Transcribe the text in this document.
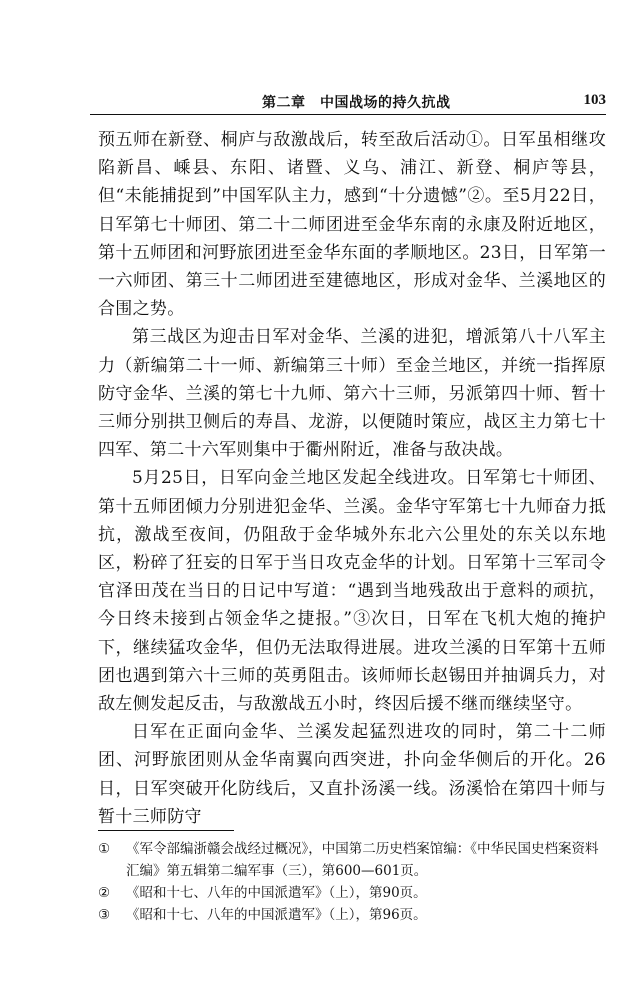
第二章　中国战场的持久抗战	103

预五师在新登、桐庐与敌激战后，转至敌后活动①。日军虽相继攻陷新昌、嵊县、东阳、诸暨、义乌、浦江、新登、桐庐等县，但“未能捕捉到”中国军队主力，感到“十分遗憾”②。至5月22日，日军第七十师团、第二十二师团进至金华东南的永康及附近地区，第十五师团和河野旅团进至金华东面的孝顺地区。23日，日军第一一六师团、第三十二师团进至建德地区，形成对金华、兰溪地区的合围之势。

第三战区为迎击日军对金华、兰溪的进犯，增派第八十八军主力（新编第二十一师、新编第三十师）至金兰地区，并统一指挥原防守金华、兰溪的第七十九师、第六十三师，另派第四十师、暂十三师分别拱卫侧后的寿昌、龙游，以便随时策应，战区主力第七十四军、第二十六军则集中于衢州附近，准备与敌决战。

5月25日，日军向金兰地区发起全线进攻。日军第七十师团、第十五师团倾力分别进犯金华、兰溪。金华守军第七十九师奋力抵抗，激战至夜间，仍阻敌于金华城外东北六公里处的东关以东地区，粉碎了狂妄的日军于当日攻克金华的计划。日军第十三军司令官泽田茂在当日的日记中写道：“遇到当地残敌出于意料的顽抗，今日终未接到占领金华之捷报。”③次日，日军在飞机大炮的掩护下，继续猛攻金华，但仍无法取得进展。进攻兰溪的日军第十五师团也遇到第六十三师的英勇阻击。该师师长赵锡田并抽调兵力，对敌左侧发起反击，与敌激战五小时，终因后援不继而继续坚守。

日军在正面向金华、兰溪发起猛烈进攻的同时，第二十二师团、河野旅团则从金华南翼向西突进，扑向金华侧后的开化。26日，日军突破开化防线后，又直扑汤溪一线。汤溪恰在第四十师与暂十三师防守

① 《军令部编浙赣会战经过概况》，中国第二历史档案馆编：《中华民国史档案资料汇编》第五辑第二编军事（三），第600—601页。

② 《昭和十七、八年的中国派遣军》（上），第90页。

③ 《昭和十七、八年的中国派遣军》（上），第96页。
